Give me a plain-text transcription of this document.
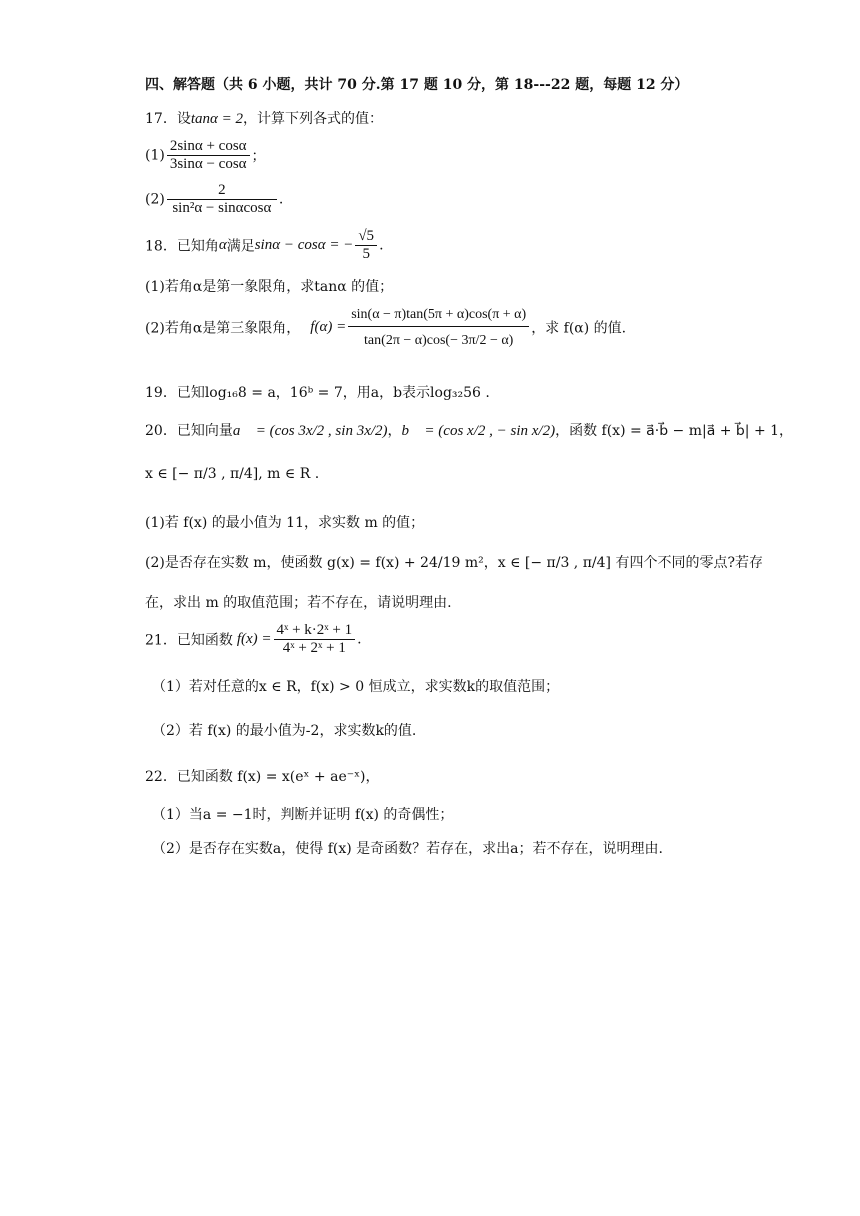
四、解答题（共 6 小题，共计 70 分.第 17 题 10 分，第 18---22 题，每题 12 分）
17．设tanα = 2，计算下列各式的值：
$(1) \frac{2\sin\alpha + \cos\alpha}{3\sin\alpha - \cos\alpha}$ ；
$(2) \frac{2}{\text{sin²α − sinαcosα}}$ .
18．已知角α满足sinα − cosα = − $\frac{√5}{5}$ .
(1)若角α是第一象限角，求tanα 的值；
(2)若角α是第三象限角， $f(\alpha) = \frac{\sin(\alpha - \pi)\tan(5\pi + \alpha)\cos(\pi + \alpha)}{\tan(2\pi - \alpha)\cos(- 3\pi/2 - \alpha)}$ ，求 f(α) 的值.
19．已知log₁₆8 = a，16ᵇ = 7，用a，b表示log₃₂56 .
20．已知向量a⃗ = (cos 3x/2 , sin 3x/2)，b⃗ = (cos x/2 , − sin x/2)，函数 f(x) = a⃗·b⃗ − m|a⃗ + b⃗| + 1，
x ∈ [− π/3 , π/4], m ∈ R .
(1)若 f(x) 的最小值为 11，求实数 m 的值；
(2)是否存在实数 m，使函数 g(x) = f(x) + 24/19 m²，x ∈ [− π/3 , π/4] 有四个不同的零点?若存
在，求出 m 的取值范围；若不存在，请说明理由.
21．已知函数 $f(x) = \frac{\text{4ˣ + k·2ˣ + 1}}{\text{4ˣ + 2ˣ + 1}}$ .
（1）若对任意的x ∈ R，f(x) > 0 恒成立，求实数k的取值范围；
（2）若 f(x) 的最小值为-2，求实数k的值.
22．已知函数 f(x) = x(eˣ + ae⁻ˣ)，
（1）当a = −1时，判断并证明 f(x) 的奇偶性；
（2）是否存在实数a，使得 f(x) 是奇函数？若存在，求出a；若不存在，说明理由.
